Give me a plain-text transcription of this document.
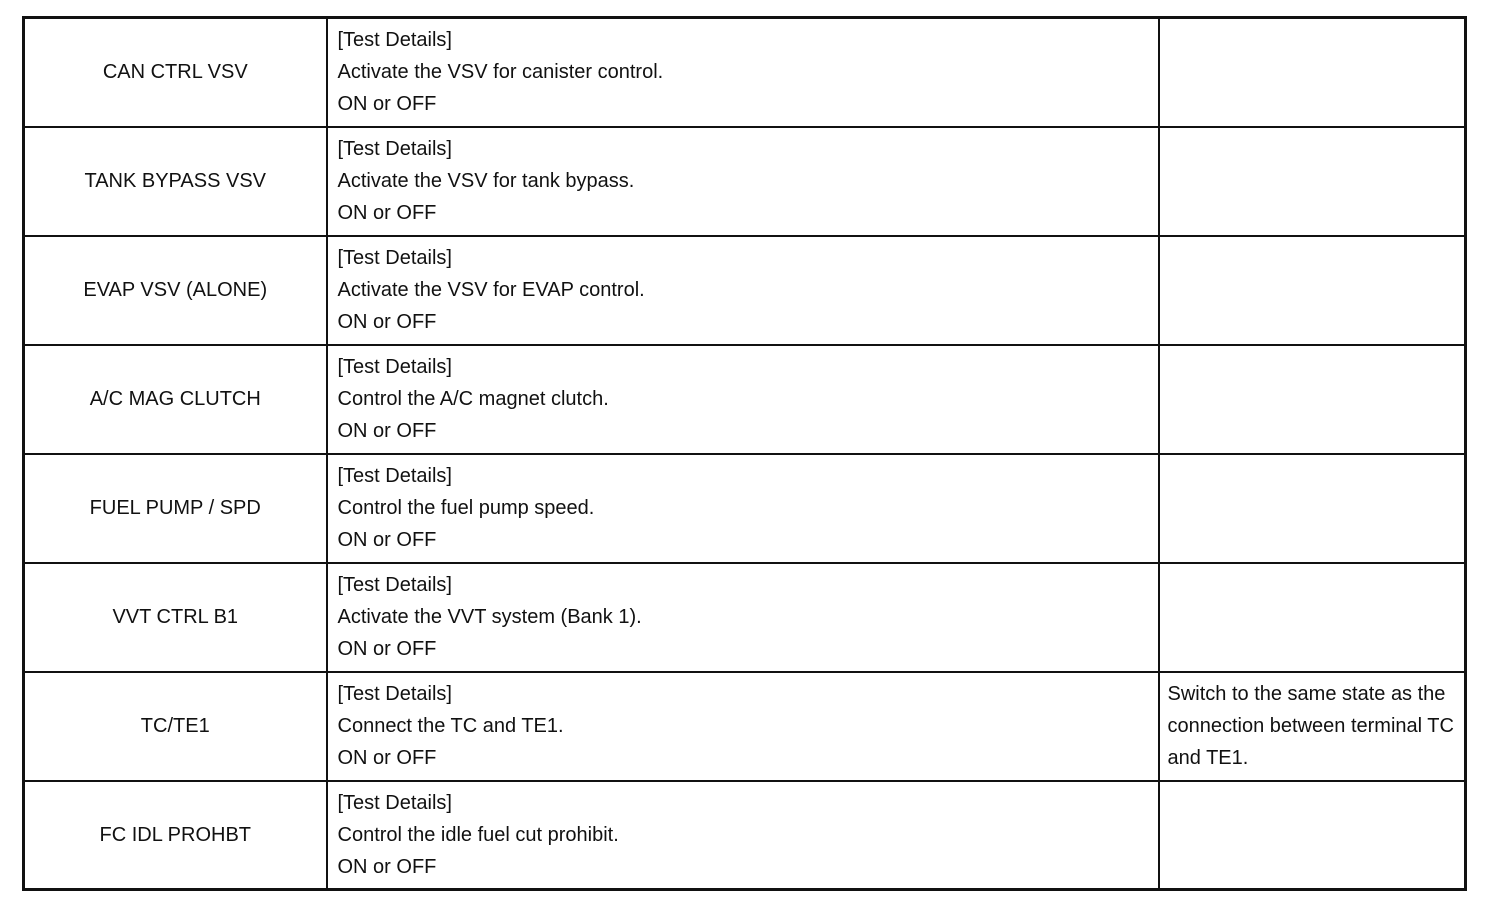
CAN CTRL VSV	[Test Details]
Activate the VSV for canister control.
ON or OFF	

TANK BYPASS VSV	[Test Details]
Activate the VSV for tank bypass.
ON or OFF	

EVAP VSV (ALONE)	[Test Details]
Activate the VSV for EVAP control.
ON or OFF	

A/C MAG CLUTCH	[Test Details]
Control the A/C magnet clutch.
ON or OFF	

FUEL PUMP / SPD	[Test Details]
Control the fuel pump speed.
ON or OFF	

VVT CTRL B1	[Test Details]
Activate the VVT system (Bank 1).
ON or OFF	

TC/TE1	[Test Details]
Connect the TC and TE1.
ON or OFF	Switch to the same state as the connection between terminal TC and TE1.
FC IDL PROHBT	[Test Details]
Control the idle fuel cut prohibit.
ON or OFF	
